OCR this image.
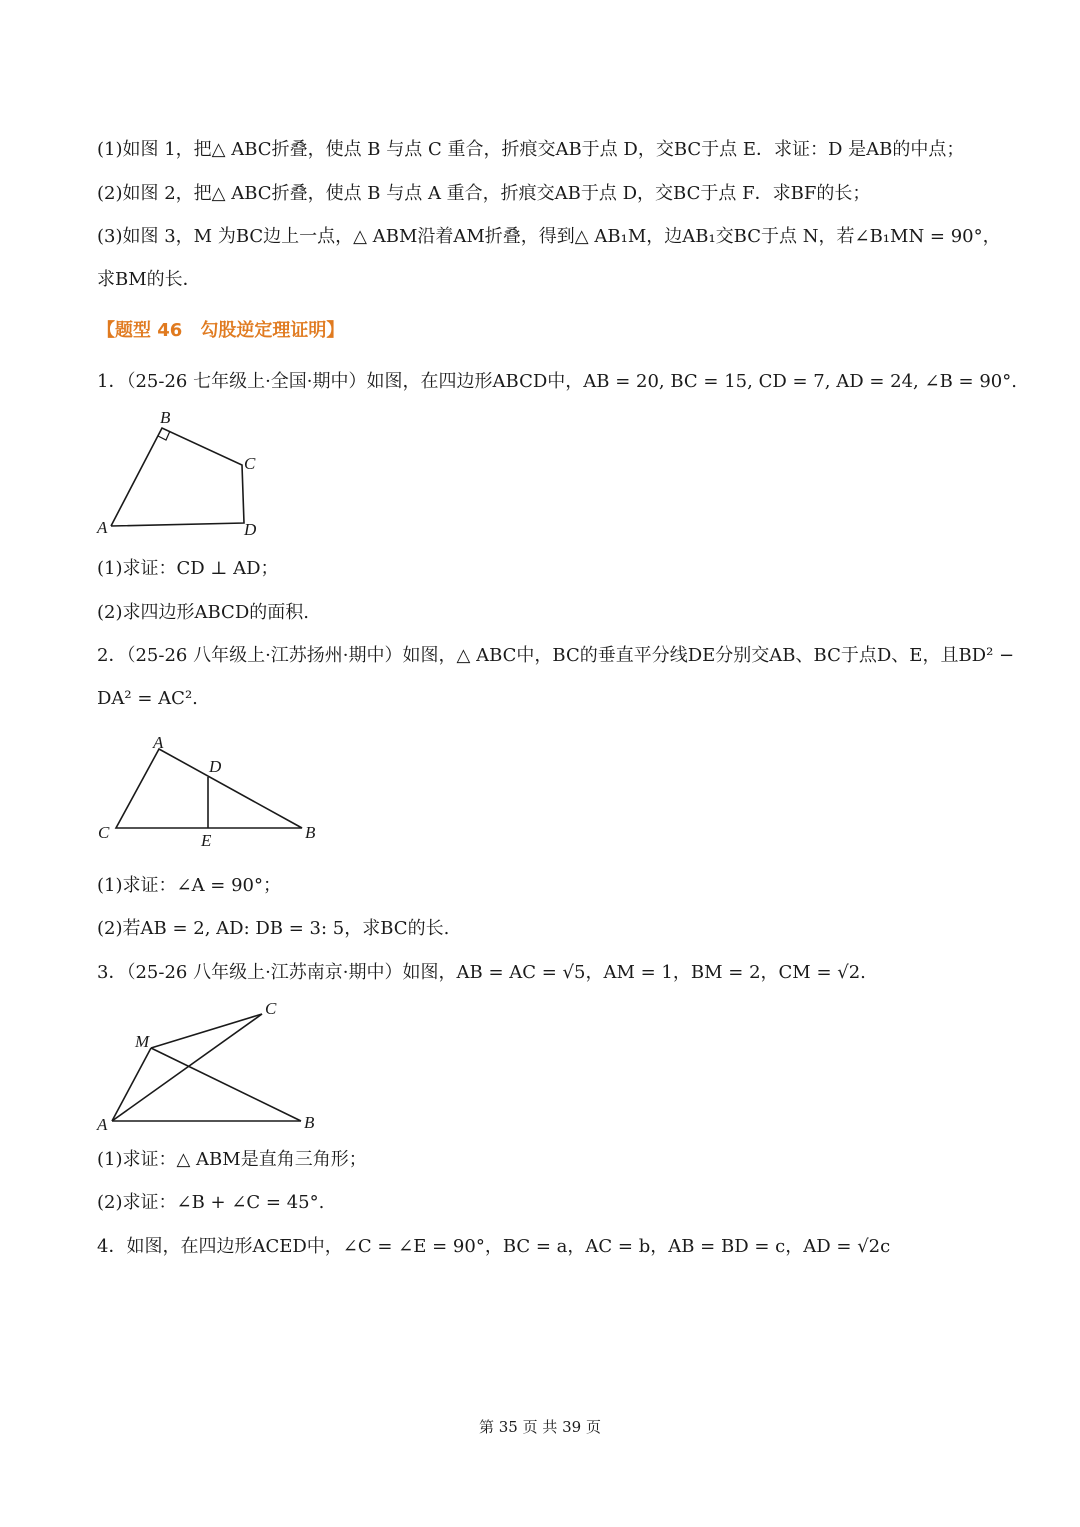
(1)如图 1，把△ ABC折叠，使点 B 与点 C 重合，折痕交AB于点 D，交BC于点 E．求证：D 是AB的中点；
(2)如图 2，把△ ABC折叠，使点 B 与点 A 重合，折痕交AB于点 D，交BC于点 F．求BF的长；
(3)如图 3，M 为BC边上一点，△ ABM沿着AM折叠，得到△ AB₁M，边AB₁交BC于点 N，若∠B₁MN = 90°，
求BM的长．
【题型 46　勾股逆定理证明】
1．（25-26 七年级上·全国·期中）如图，在四边形ABCD中，AB = 20, BC = 15, CD = 7, AD = 24, ∠B = 90°.
A
B
C
D
(1)求证：CD ⊥ AD；
(2)求四边形ABCD的面积.
2．（25-26 八年级上·江苏扬州·期中）如图，△ ABC中，BC的垂直平分线DE分别交AB、BC于点D、E，且BD² −
DA² = AC².
A
D
C	E	B
(1)求证：∠A = 90°；
(2)若AB = 2, AD: DB = 3: 5，求BC的长.
3．（25-26 八年级上·江苏南京·期中）如图，AB = AC = √5，AM = 1，BM = 2，CM = √2.
C
M
A	B
(1)求证：△ ABM是直角三角形；
(2)求证：∠B + ∠C = 45°.
4．如图，在四边形ACED中，∠C = ∠E = 90°，BC = a，AC = b，AB = BD = c，AD = √2c
第 35 页 共 39 页
